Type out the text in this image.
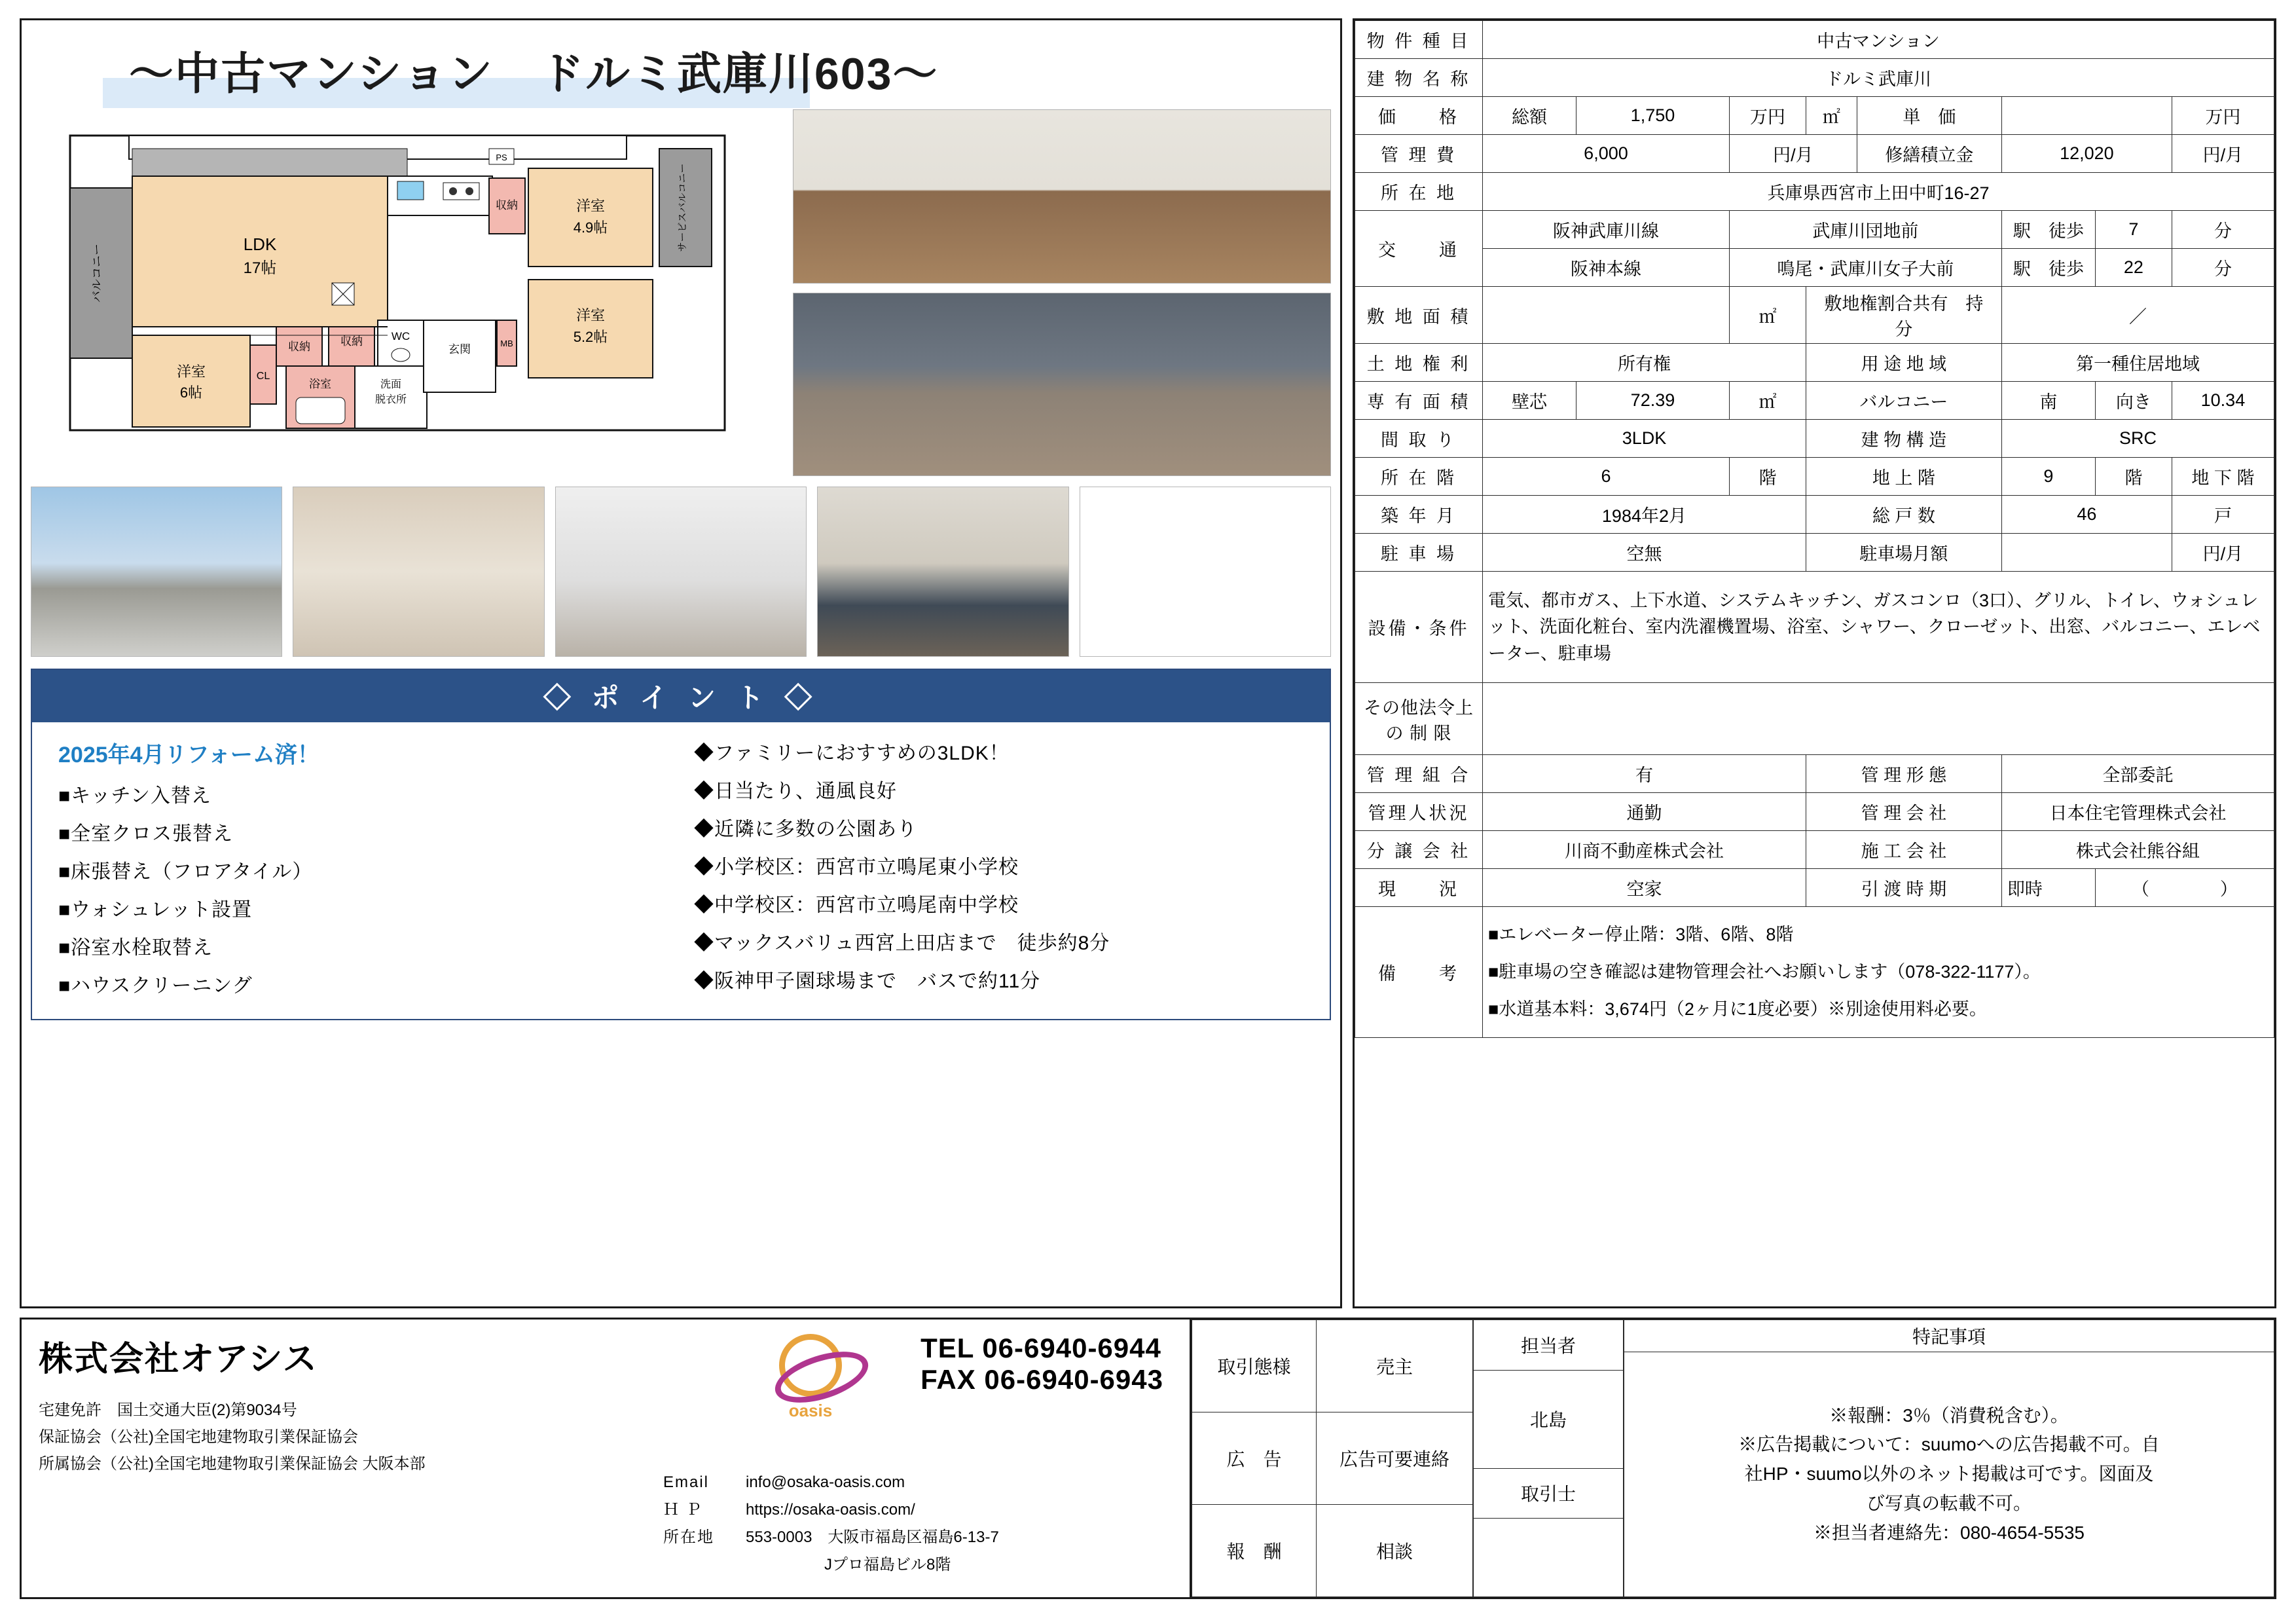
〜中古マンション　ドルミ武庫川603〜
LDK
17帖
収納	洋室
4.9帖
洋室
5.2帖
洋室
6帖
CL
収納	収納
浴室	洗面
脱衣所
WC
玄関	MB
PS
バルコニー
サービスバルコニー
◇ ポ イ ン ト ◇
2025年4月リフォーム済！
■キッチン入替え
■全室クロス張替え
■床張替え（フロアタイル）
■ウォシュレット設置
■浴室水栓取替え
■ハウスクリーニング
◆ファミリーにおすすめの3LDK！
◆日当たり、通風良好
◆近隣に多数の公園あり
◆小学校区：西宮市立鳴尾東小学校
◆中学校区：西宮市立鳴尾南中学校
◆マックスバリュ西宮上田店まで　徒歩約8分
◆阪神甲子園球場まで　バスで約11分
物 件 種 目	中古マンション							
建 物 名 称	ドルミ武庫川							
価　　格	総額	1,750	万円	㎡	単　価			万円
管 理 費	6,000		円/月		修繕積立金	12,020		円/月
所 在 地	兵庫県西宮市上田中町16-27							
交　　通	阪神武庫川線		武庫川団地前			駅　徒歩	7	分
	阪神本線		鳴尾・武庫川女子大前			駅　徒歩	22	分
敷 地 面 積			㎡	敷地権割合共有　持　分		／		
土 地 権 利	所有権			用 途 地 域		第一種住居地域		
専 有 面 積	壁芯	72.39	㎡	バルコニー		南	向き	10.34
間 取 り	3LDK			建 物 構 造		SRC		
所 在 階	6		階	地 上 階		9	階	地 下 階
築 年 月	1984年2月			総 戸 数		46		戸
駐 車 場	空無			駐車場月額				円/月
設備・条件	電気、都市ガス、上下水道、システムキッチン、ガスコンロ（3口）、グリル、トイレ、ウォシュレット、洗面化粧台、室内洗濯機置場、浴室、シャワー、クローゼット、出窓、バルコニー、エレベーター、駐車場							
その他法令上 の 制 限								
管 理 組 合	有			管 理 形 態		全部委託		
管理人状況	通勤			管 理 会 社		日本住宅管理株式会社		
分 譲 会 社	川商不動産株式会社			施 工 会 社		株式会社熊谷組		
現　　況	空家			引 渡 時 期		即時	（　　　　）	
備　　考	■エレベーター停止階：3階、6階、8階
■駐車場の空き確認は建物管理会社へお願いします（078-322-1177）。
■水道基本料：3,674円（2ヶ月に1度必要）※別途使用料必要。							
株式会社オアシス
宅建免許　国土交通大臣(2)第9034号
保証協会（公社)全国宅地建物取引業保証協会
所属協会（公社)全国宅地建物取引業保証協会 大阪本部
oasis
TEL 06-6940-6944
FAX 06-6940-6943
Email	info@osaka-oasis.com
Ｈ Ｐ	https://osaka-oasis.com/
所在地	553-0003　大阪市福島区福島6-13-7
Jプロ福島ビル8階
取引態様	売主
広　告	広告可要連絡
報　酬	相談
担当者
北島
取引士

特記事項

※報酬：3％（消費税含む）。
※広告掲載について：suumoへの広告掲載不可。自
社HP・suumo以外のネット掲載は可です。図面及
び写真の転載不可。
※担当者連絡先：080-4654-5535
